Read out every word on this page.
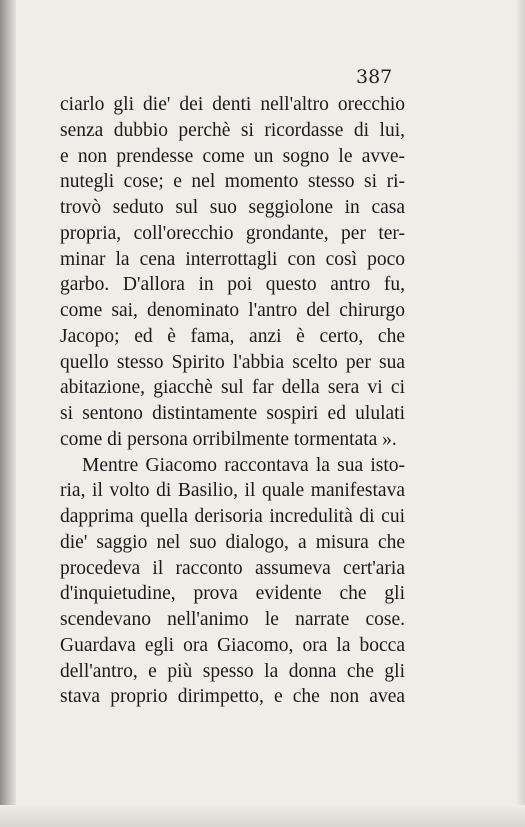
387
ciarlo gli die' dei denti nell'altro orecchio
senza dubbio perchè si ricordasse di lui,
e non prendesse come un sogno le avve-
nutegli cose; e nel momento stesso si ri-
trovò seduto sul suo seggiolone in casa
propria, coll'orecchio grondante, per ter-
minar la cena interrottagli con così poco
garbo. D'allora in poi questo antro fu,
come sai, denominato l'antro del chirurgo
Jacopo; ed è fama, anzi è certo, che
quello stesso Spirito l'abbia scelto per sua
abitazione, giacchè sul far della sera vi ci
si sentono distintamente sospiri ed ululati
come di persona orribilmente tormentata ».
Mentre Giacomo raccontava la sua isto-
ria, il volto di Basilio, il quale manifestava
dapprima quella derisoria incredulità di cui
die' saggio nel suo dialogo, a misura che
procedeva il racconto assumeva cert'aria
d'inquietudine, prova evidente che gli
scendevano nell'animo le narrate cose.
Guardava egli ora Giacomo, ora la bocca
dell'antro, e più spesso la donna che gli
stava proprio dirimpetto, e che non avea
